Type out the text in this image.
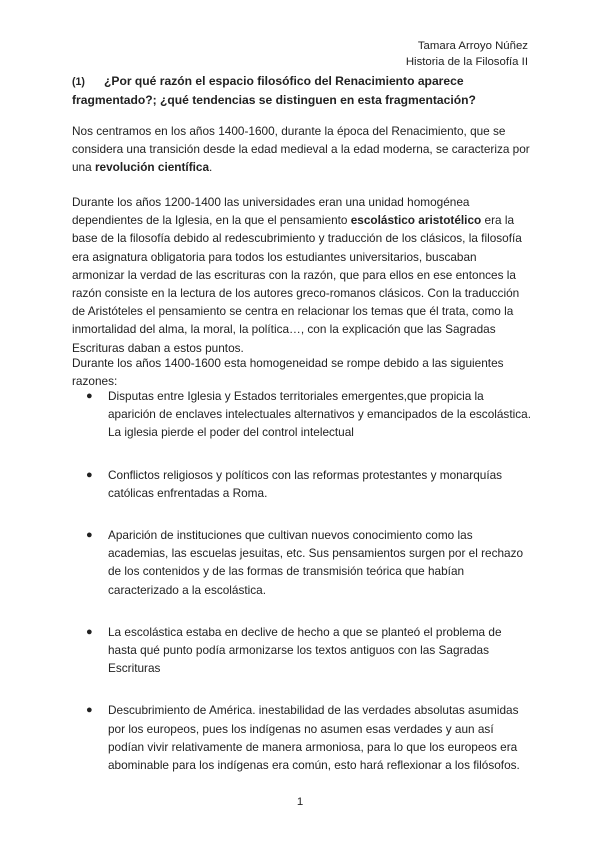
Tamara Arroyo Núñez
Historia de la Filosofía II
(1) ¿Por qué razón el espacio filosófico del Renacimiento aparece fragmentado?; ¿qué tendencias se distinguen en esta fragmentación?
Nos centramos en los años 1400-1600, durante la época del Renacimiento, que se considera una transición desde la edad medieval a la edad moderna, se caracteriza por una revolución científica.
Durante los años 1200-1400 las universidades eran una unidad homogénea dependientes de la Iglesia, en la que el pensamiento escolástico aristotélico era la base de la filosofía debido al redescubrimiento y traducción de los clásicos, la filosofía era asignatura obligatoria para todos los estudiantes universitarios, buscaban armonizar la verdad de las escrituras con la razón, que para ellos en ese entonces la razón consiste en la lectura de los autores greco-romanos clásicos. Con la traducción de Aristóteles el pensamiento se centra en relacionar los temas que él trata, como la inmortalidad del alma, la moral, la política…, con la explicación que las Sagradas Escrituras daban a estos puntos.
Durante los años 1400-1600 esta homogeneidad se rompe debido a las siguientes razones:
● Disputas entre Iglesia y Estados territoriales emergentes,que propicia la aparición de enclaves intelectuales alternativos y emancipados de la escolástica. La iglesia pierde el poder del control intelectual
● Conflictos religiosos y políticos con las reformas protestantes y monarquías católicas enfrentadas a Roma.
● Aparición de instituciones que cultivan nuevos conocimiento como las academias, las escuelas jesuitas, etc. Sus pensamientos surgen por el rechazo de los contenidos y de las formas de transmisión teórica que habían caracterizado a la escolástica.
● La escolástica estaba en declive de hecho a que se planteó el problema de hasta qué punto podía armonizarse los textos antiguos con las Sagradas Escrituras
● Descubrimiento de América. inestabilidad de las verdades absolutas asumidas por los europeos, pues los indígenas no asumen esas verdades y aun así podían vivir relativamente de manera armoniosa, para lo que los europeos era abominable para los indígenas era común, esto hará reflexionar a los filósofos.
1
